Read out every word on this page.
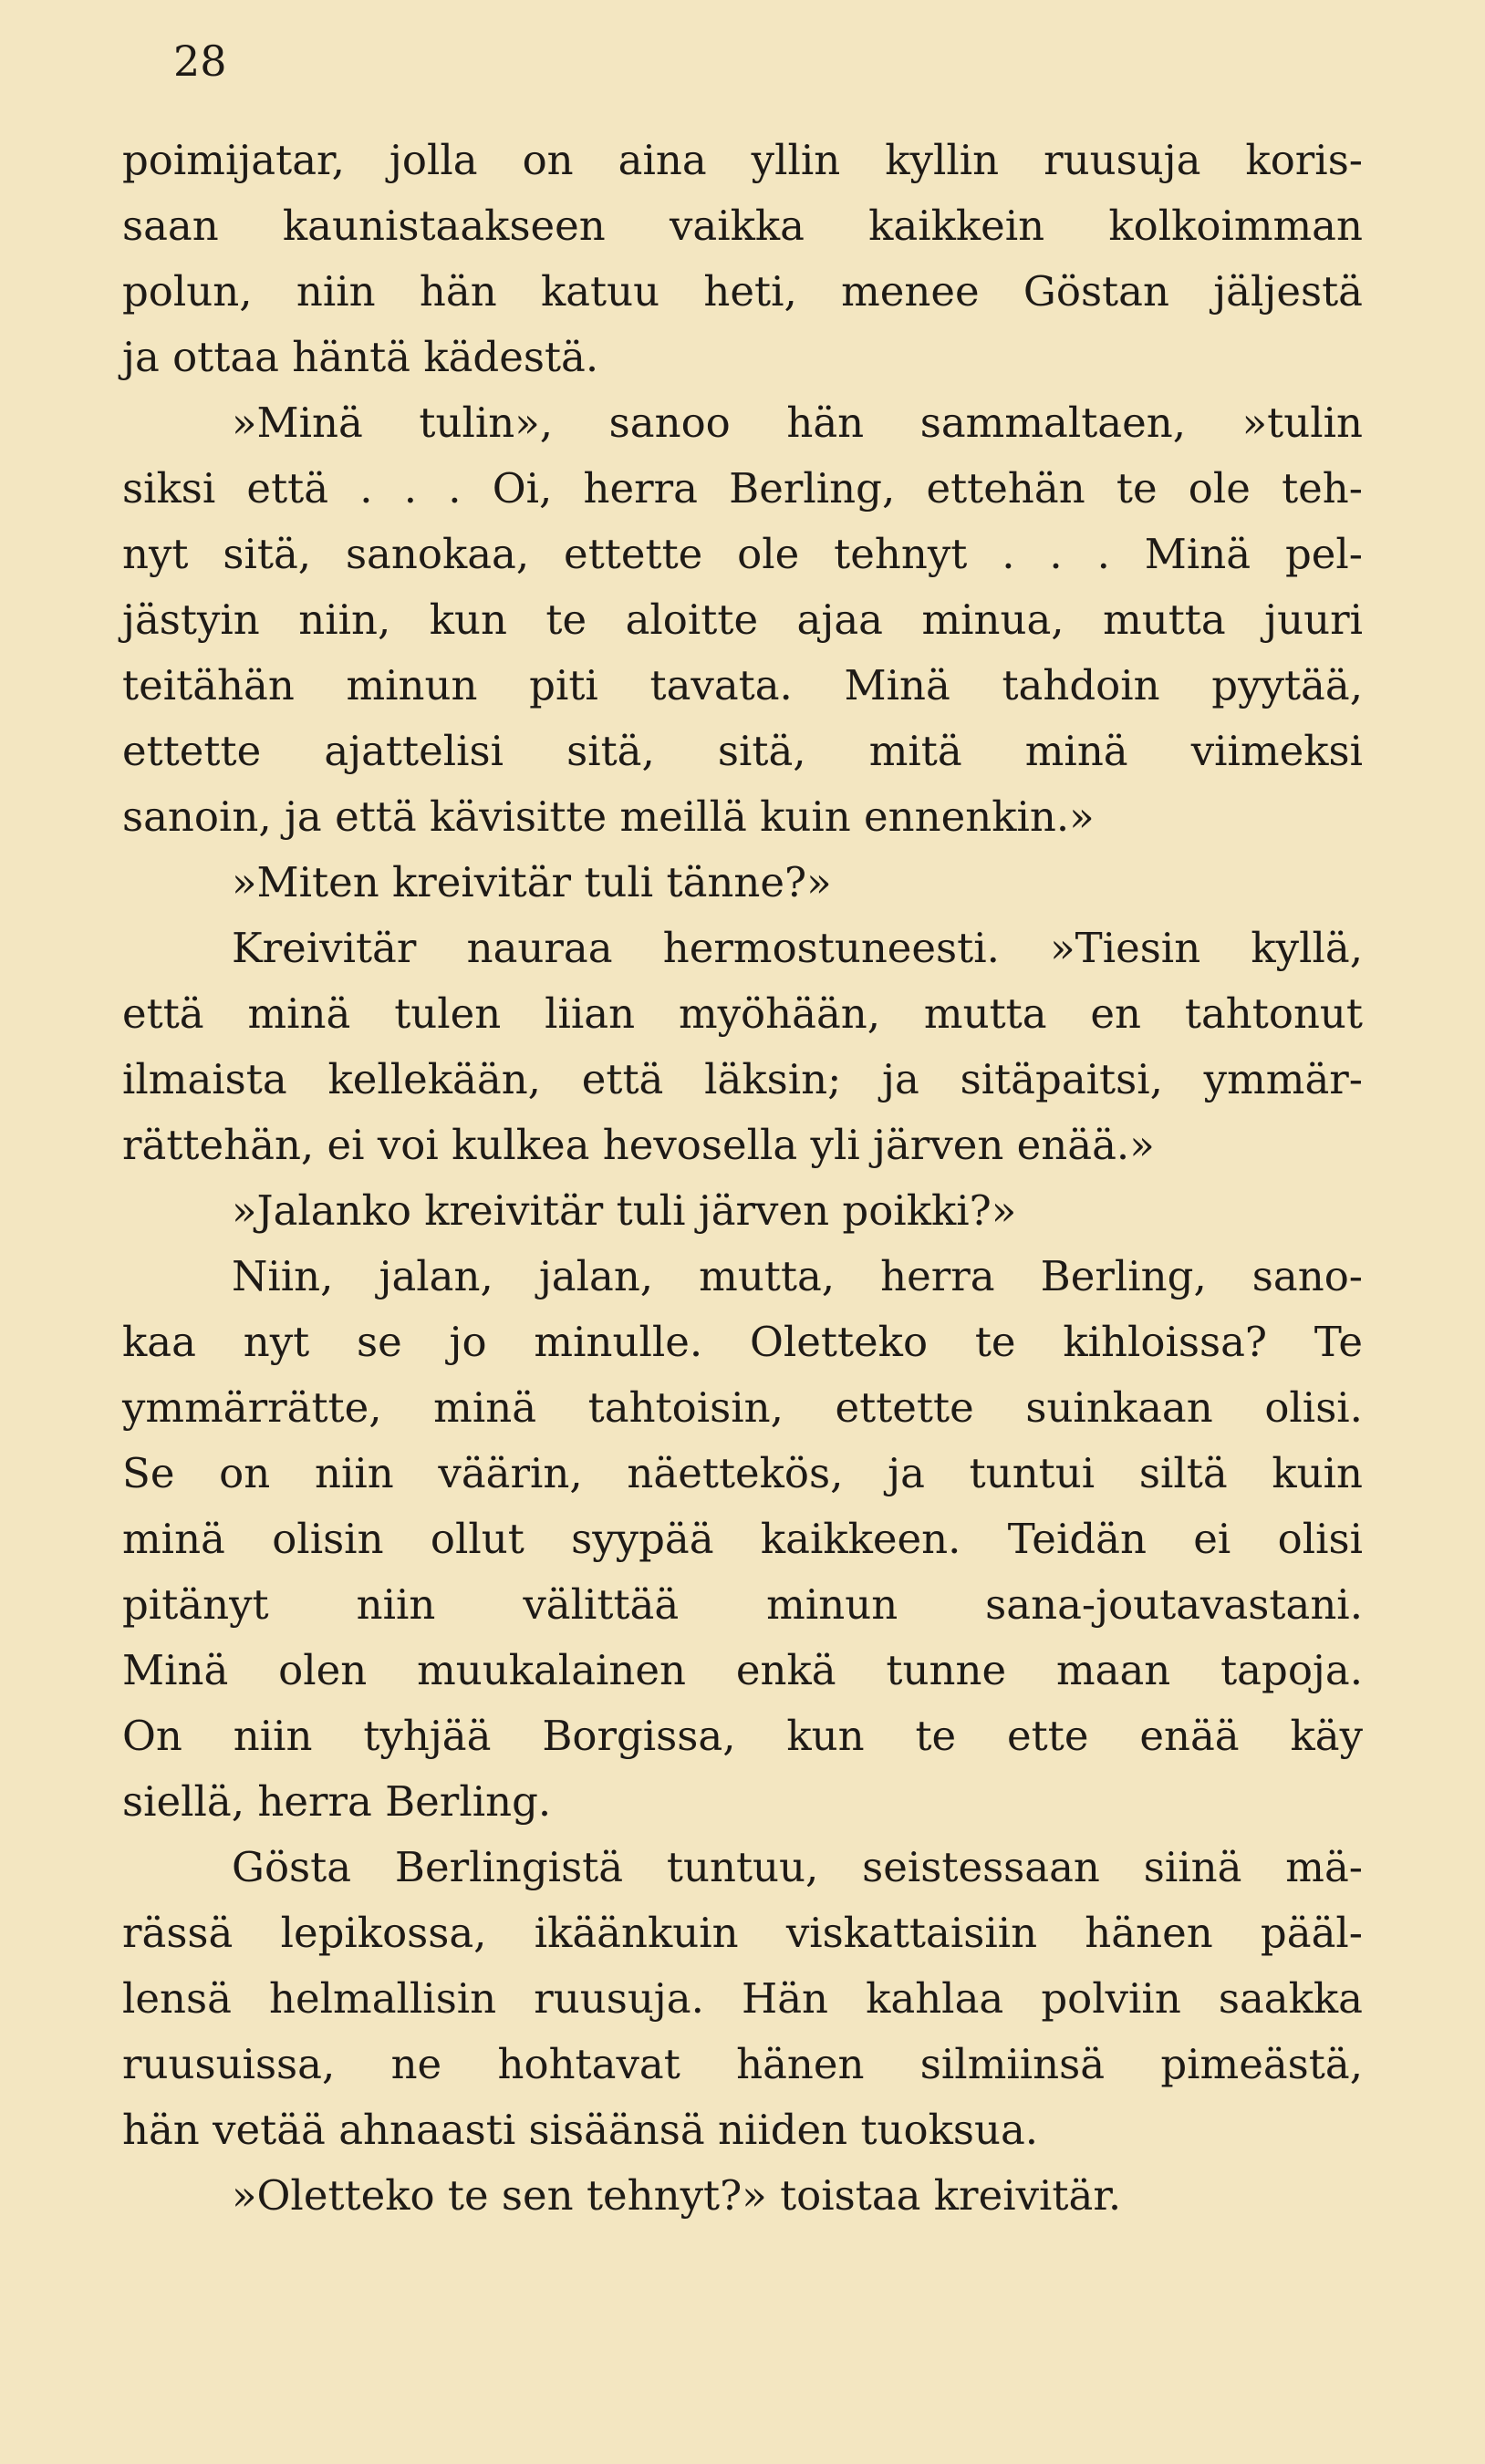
28
poimijatar, jolla on aina yllin kyllin ruusuja koris-
saan kaunistaakseen vaikka kaikkein kolkoimman
polun, niin hän katuu heti, menee Göstan jäljestä
ja ottaa häntä kädestä.
»Minä tulin», sanoo hän sammaltaen, »tulin
siksi että . . . Oi, herra Berling, ettehän te ole teh-
nyt sitä, sanokaa, ettette ole tehnyt . . . Minä pel-
jästyin niin, kun te aloitte ajaa minua, mutta juuri
teitähän minun piti tavata. Minä tahdoin pyytää,
ettette ajattelisi sitä, sitä, mitä minä viimeksi
sanoin, ja että kävisitte meillä kuin ennenkin.»
»Miten kreivitär tuli tänne?»
Kreivitär nauraa hermostuneesti. »Tiesin kyllä,
että minä tulen liian myöhään, mutta en tahtonut
ilmaista kellekään, että läksin; ja sitäpaitsi, ymmär-
rättehän, ei voi kulkea hevosella yli järven enää.»
»Jalanko kreivitär tuli järven poikki?»
Niin, jalan, jalan, mutta, herra Berling, sano-
kaa nyt se jo minulle. Oletteko te kihloissa? Te
ymmärrätte, minä tahtoisin, ettette suinkaan olisi.
Se on niin väärin, näettekös, ja tuntui siltä kuin
minä olisin ollut syypää kaikkeen. Teidän ei olisi
pitänyt niin välittää minun sana-joutavastani.
Minä olen muukalainen enkä tunne maan tapoja.
On niin tyhjää Borgissa, kun te ette enää käy
siellä, herra Berling.
Gösta Berlingistä tuntuu, seistessaan siinä mä-
rässä lepikossa, ikäänkuin viskattaisiin hänen pääl-
lensä helmallisin ruusuja. Hän kahlaa polviin saakka
ruusuissa, ne hohtavat hänen silmiinsä pimeästä,
hän vetää ahnaasti sisäänsä niiden tuoksua.
»Oletteko te sen tehnyt?» toistaa kreivitär.
